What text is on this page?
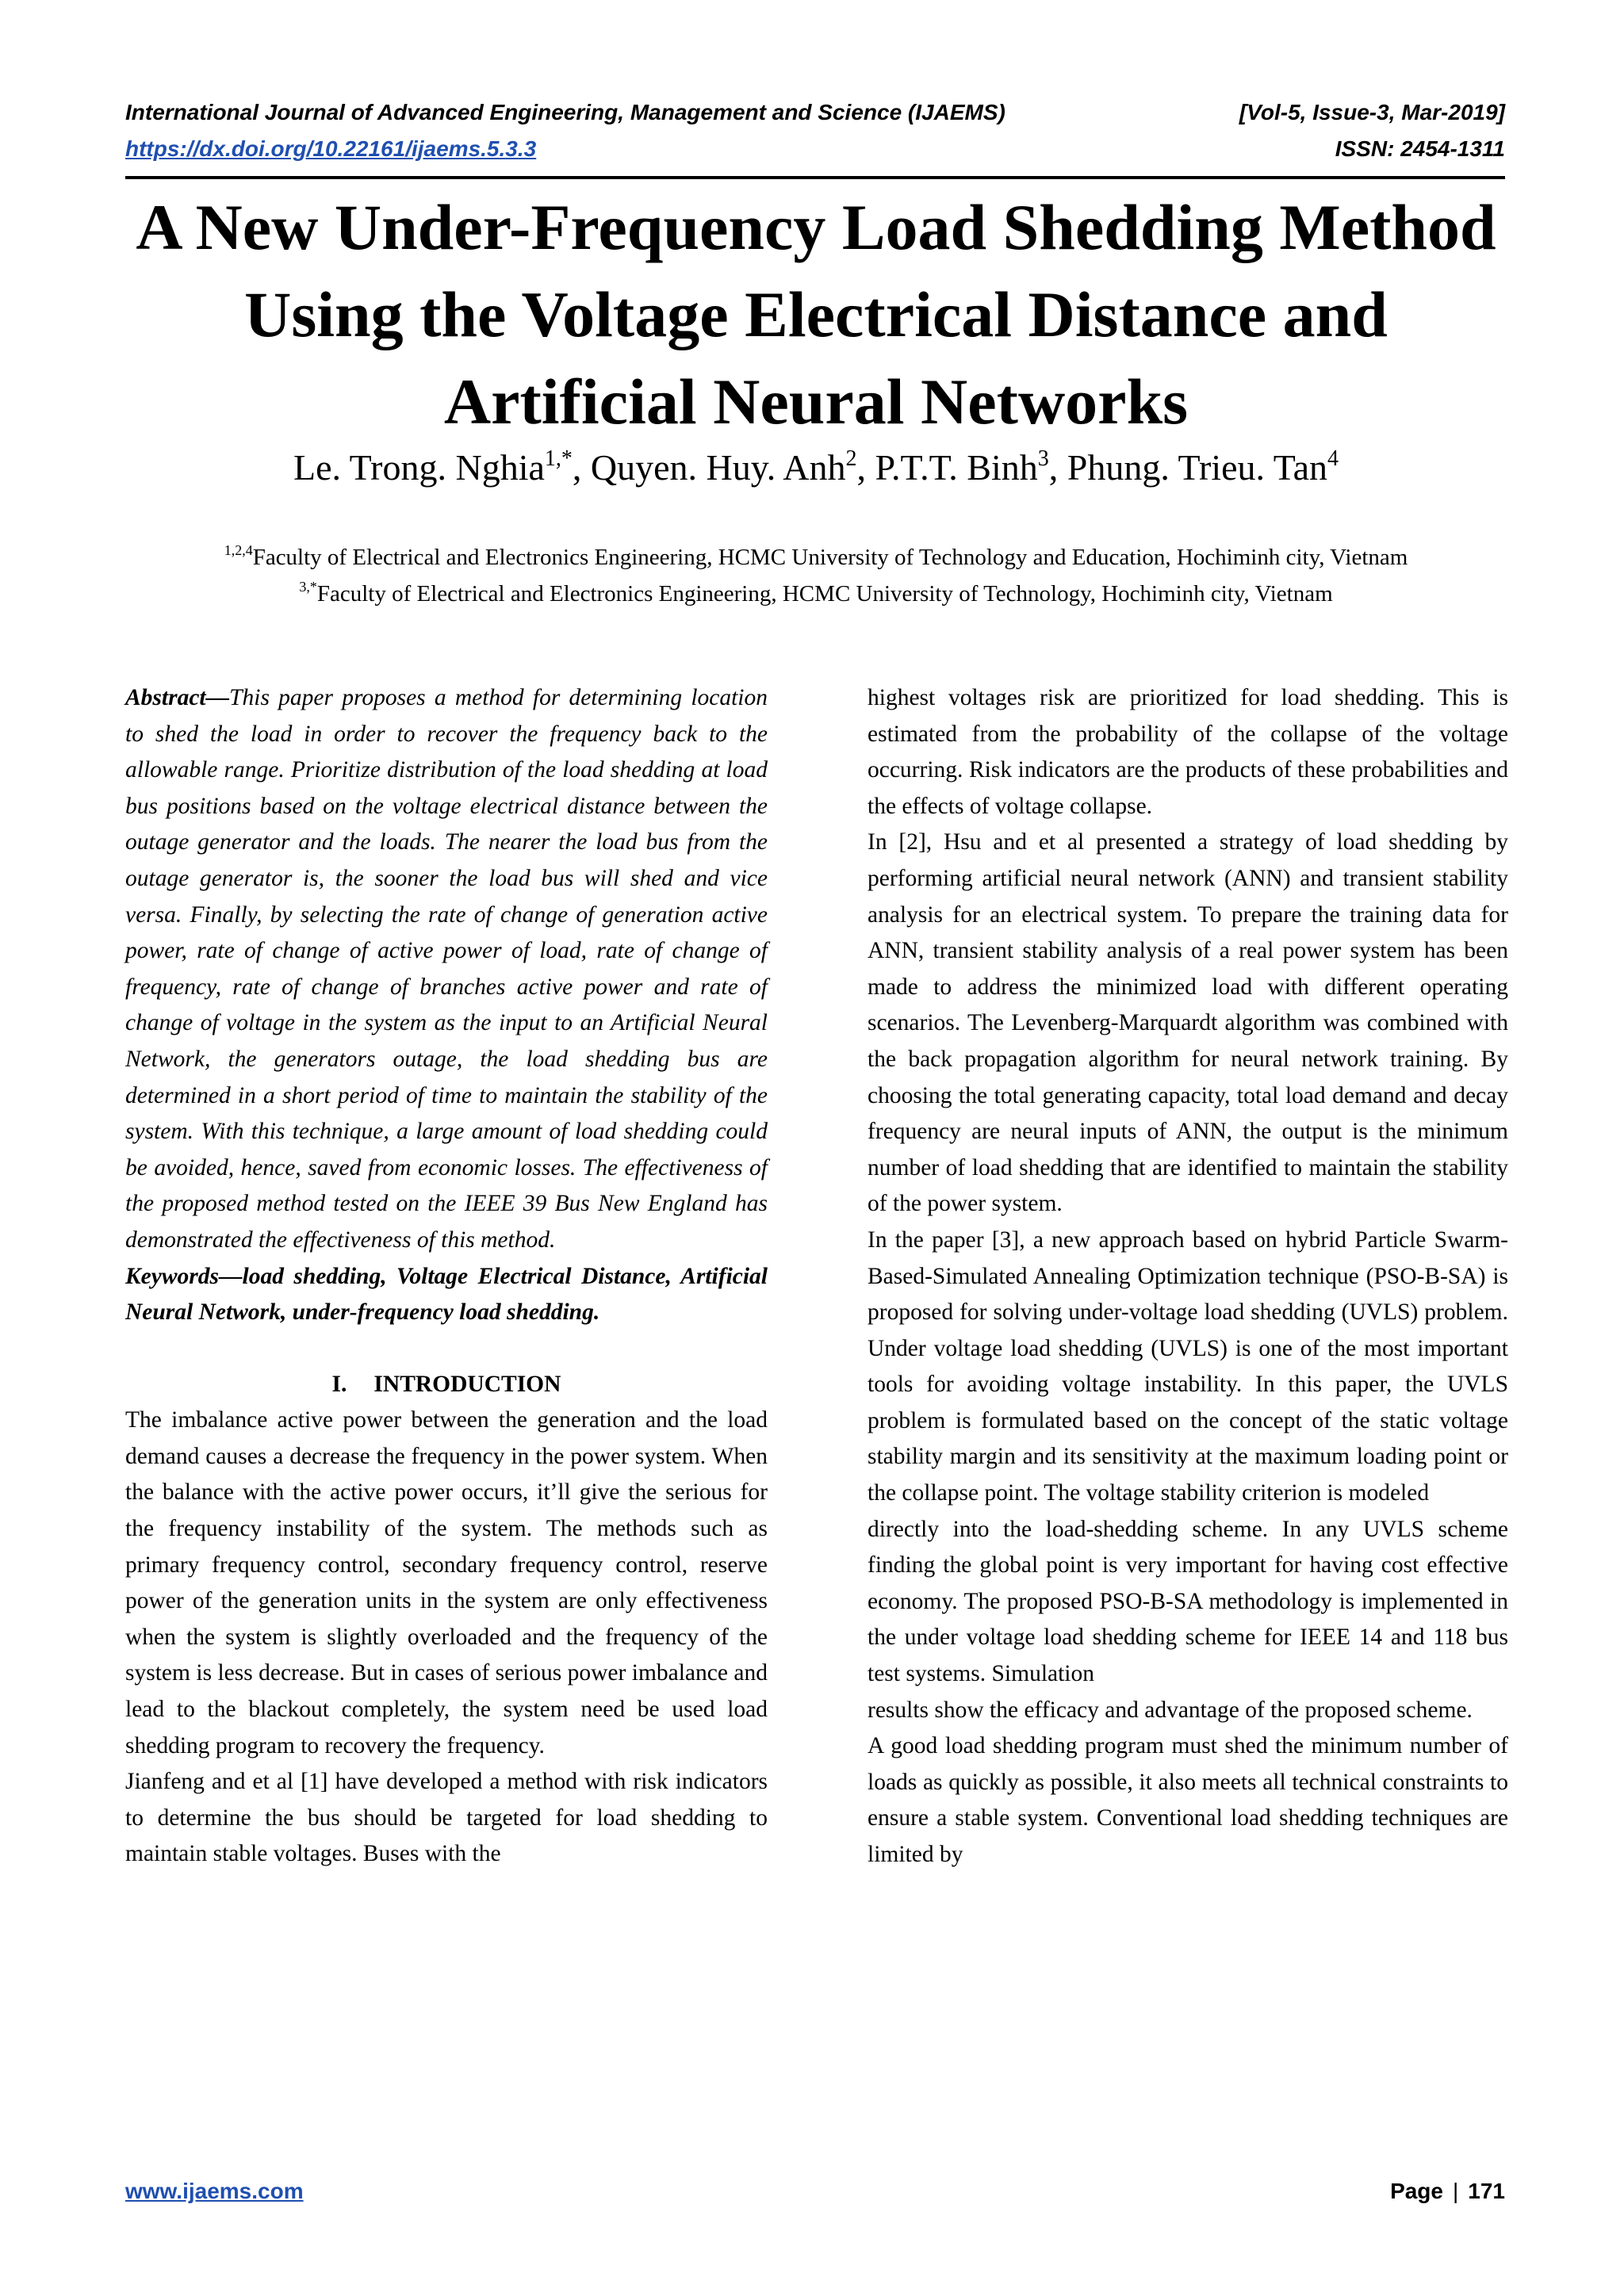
International Journal of Advanced Engineering, Management and Science (IJAEMS)	[Vol-5, Issue-3, Mar-2019]
https://dx.doi.org/10.22161/ijaems.5.3.3	ISSN: 2454-1311
A New Under-Frequency Load Shedding Method
Using the Voltage Electrical Distance and
Artificial Neural Networks
Le. Trong. Nghia$^{1,*}$, Quyen. Huy. Anh$^2$, P.T.T. Binh$^3$, Phung. Trieu. Tan$^4$
$^{1,2,4}$Faculty of Electrical and Electronics Engineering, HCMC University of Technology and Education, Hochiminh city, Vietnam
$^{3,*}$Faculty of Electrical and Electronics Engineering, HCMC University of Technology, Hochiminh city, Vietnam

Abstract—This paper proposes a method for determining location to shed the load in order to recover the frequency back to the allowable range. Prioritize distribution of the load shedding at load bus positions based on the voltage electrical distance between the outage generator and the loads. The nearer the load bus from the outage generator is, the sooner the load bus will shed and vice versa. Finally, by selecting the rate of change of generation active power, rate of change of active power of load, rate of change of frequency, rate of change of branches active power and rate of change of voltage in the system as the input to an Artificial Neural Network, the generators outage, the load shedding bus are determined in a short period of time to maintain the stability of the system. With this technique, a large amount of load shedding could be avoided, hence, saved from economic losses. The effectiveness of the proposed method tested on the IEEE 39 Bus New England has demonstrated the effectiveness of this method.

Keywords—load shedding, Voltage Electrical Distance, Artificial Neural Network, under-frequency load shedding.

I. INTRODUCTION

The imbalance active power between the generation and the load demand causes a decrease the frequency in the power system. When the balance with the active power occurs, it’ll give the serious for the frequency instability of the system. The methods such as primary frequency control, secondary frequency control, reserve power of the generation units in the system are only effectiveness when the system is slightly overloaded and the frequency of the system is less decrease. But in cases of serious power imbalance and lead to the blackout completely, the system need be used load shedding program to recovery the frequency.

Jianfeng and et al [1] have developed a method with risk indicators to determine the bus should be targeted for load shedding to maintain stable voltages. Buses with the

highest voltages risk are prioritized for load shedding. This is estimated from the probability of the collapse of the voltage occurring. Risk indicators are the products of these probabilities and the effects of voltage collapse.

In [2], Hsu and et al presented a strategy of load shedding by performing artificial neural network (ANN) and transient stability analysis for an electrical system. To prepare the training data for ANN, transient stability analysis of a real power system has been made to address the minimized load with different operating scenarios. The Levenberg-Marquardt algorithm was combined with the back propagation algorithm for neural network training. By choosing the total generating capacity, total load demand and decay frequency are neural inputs of ANN, the output is the minimum number of load shedding that are identified to maintain the stability of the power system.

In the paper [3], a new approach based on hybrid Particle Swarm-Based-Simulated Annealing Optimization technique (PSO-B-SA) is proposed for solving under-voltage load shedding (UVLS) problem. Under voltage load shedding (UVLS) is one of the most important tools for avoiding voltage instability. In this paper, the UVLS problem is formulated based on the concept of the static voltage stability margin and its sensitivity at the maximum loading point or the collapse point. The voltage stability criterion is modeled

directly into the load-shedding scheme. In any UVLS scheme finding the global point is very important for having cost effective economy. The proposed PSO-B-SA methodology is implemented in the under voltage load shedding scheme for IEEE 14 and 118 bus test systems. Simulation

results show the efficacy and advantage of the proposed scheme.

A good load shedding program must shed the minimum number of loads as quickly as possible, it also meets all technical constraints to ensure a stable system. Conventional load shedding techniques are limited by

www.ijaems.com	Page | 171
